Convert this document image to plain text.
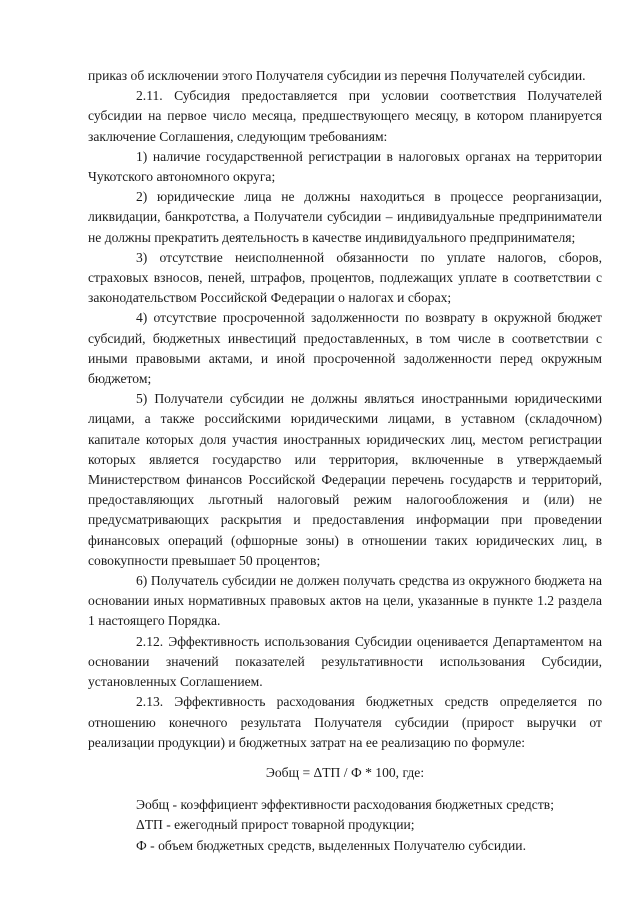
приказ об исключении этого Получателя субсидии из перечня Получателей субсидии.

2.11. Субсидия предоставляется при условии соответствия Получателей субсидии на первое число месяца, предшествующего месяцу, в котором планируется заключение Соглашения, следующим требованиям:

1) наличие государственной регистрации в налоговых органах на территории Чукотского автономного округа;

2) юридические лица не должны находиться в процессе реорганизации, ликвидации, банкротства, а Получатели субсидии – индивидуальные предприниматели не должны прекратить деятельность в качестве индивидуального предпринимателя;

3) отсутствие неисполненной обязанности по уплате налогов, сборов, страховых взносов, пеней, штрафов, процентов, подлежащих уплате в соответствии с законодательством Российской Федерации о налогах и сборах;

4) отсутствие просроченной задолженности по возврату в окружной бюджет субсидий, бюджетных инвестиций предоставленных, в том числе в соответствии с иными правовыми актами, и иной просроченной задолженности перед окружным бюджетом;

5) Получатели субсидии не должны являться иностранными юридическими лицами, а также российскими юридическими лицами, в уставном (складочном) капитале которых доля участия иностранных юридических лиц, местом регистрации которых является государство или территория, включенные в утверждаемый Министерством финансов Российской Федерации перечень государств и территорий, предоставляющих льготный налоговый режим налогообложения и (или) не предусматривающих раскрытия и предоставления информации при проведении финансовых операций (офшорные зоны) в отношении таких юридических лиц, в совокупности превышает 50 процентов;

6) Получатель субсидии не должен получать средства из окружного бюджета на основании иных нормативных правовых актов на цели, указанные в пункте 1.2 раздела 1 настоящего Порядка.

2.12. Эффективность использования Субсидии оценивается Департаментом на основании значений показателей результативности использования Субсидии, установленных Соглашением.

2.13. Эффективность расходования бюджетных средств определяется по отношению конечного результата Получателя субсидии (прирост выручки от реализации продукции) и бюджетных затрат на ее реализацию по формуле:

Эобщ = ΔТП / Ф * 100, где:

Эобщ - коэффициент эффективности расходования бюджетных средств;

ΔТП - ежегодный прирост товарной продукции;

Ф - объем бюджетных средств, выделенных Получателю субсидии.
